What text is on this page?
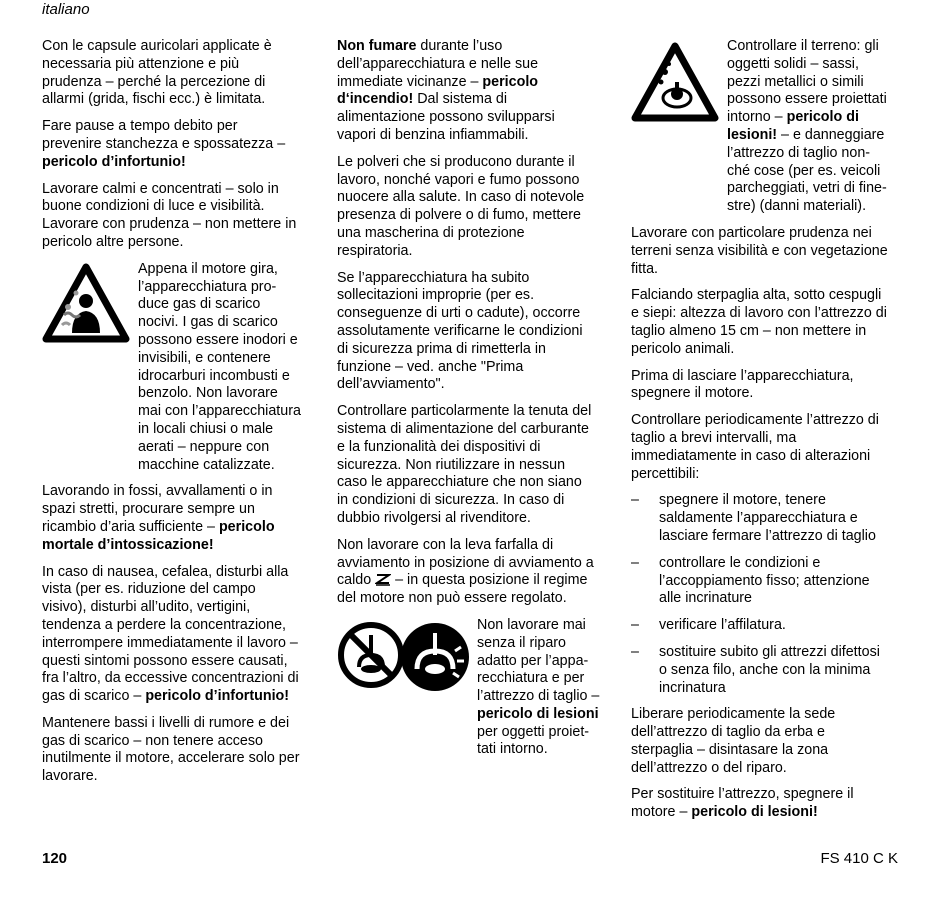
italiano

Con le capsule auricolari applicate è
necessaria più attenzione e più
prudenza – perché la percezione di
allarmi (grida, fischi ecc.) è limitata.

Fare pause a tempo debito per
prevenire stanchezza e spossatezza –
pericolo d’infortunio!

Lavorare calmi e concentrati – solo in
buone condizioni di luce e visibilità.
Lavorare con prudenza – non mettere in
pericolo altre persone.

Appena il motore gira,
l’apparecchiatura pro-
duce gas di scarico
nocivi. I gas di scarico
possono essere inodori e
invisibili, e contenere
idrocarburi incombusti e
benzolo. Non lavorare
mai con l’apparecchiatura
in locali chiusi o male
aerati – neppure con
macchine catalizzate.

Lavorando in fossi, avvallamenti o in
spazi stretti, procurare sempre un
ricambio d’aria sufficiente – pericolo
mortale d’intossicazione!

In caso di nausea, cefalea, disturbi alla
vista (per es. riduzione del campo
visivo), disturbi all’udito, vertigini,
tendenza a perdere la concentrazione,
interrompere immediatamente il lavoro –
questi sintomi possono essere causati,
fra l’altro, da eccessive concentrazioni di
gas di scarico – pericolo d’infortunio!

Mantenere bassi i livelli di rumore e dei
gas di scarico – non tenere acceso
inutilmente il motore, accelerare solo per
lavorare.

Non fumare durante l’uso
dell’apparecchiatura e nelle sue
immediate vicinanze – pericolo
d‘incendio! Dal sistema di
alimentazione possono svilupparsi
vapori di benzina infiammabili.

Le polveri che si producono durante il
lavoro, nonché vapori e fumo possono
nuocere alla salute. In caso di notevole
presenza di polvere o di fumo, mettere
una mascherina di protezione
respiratoria.

Se l’apparecchiatura ha subito
sollecitazioni improprie (per es.
conseguenze di urti o cadute), occorre
assolutamente verificarne le condizioni
di sicurezza prima di rimetterla in
funzione – ved. anche "Prima
dell’avviamento".

Controllare particolarmente la tenuta del
sistema di alimentazione del carburante
e la funzionalità dei dispositivi di
sicurezza. Non riutilizzare in nessun
caso le apparecchiature che non siano
in condizioni di sicurezza. In caso di
dubbio rivolgersi al rivenditore.

Non lavorare con la leva farfalla di
avviamento in posizione di avviamento a
caldo  – in questa posizione il regime
del motore non può essere regolato.

Non lavorare mai
senza il riparo
adatto per l’appa-
recchiatura e per
l’attrezzo di taglio –
pericolo di lesioni
per oggetti proiet-
tati intorno.

Controllare il terreno: gli
oggetti solidi – sassi,
pezzi metallici o simili
possono essere proiettati
intorno – pericolo di
lesioni! – e danneggiare
l’attrezzo di taglio non-
ché cose (per es. veicoli
parcheggiati, vetri di fine-
stre) (danni materiali).

Lavorare con particolare prudenza nei
terreni senza visibilità e con vegetazione
fitta.

Falciando sterpaglia alta, sotto cespugli
e siepi: altezza di lavoro con l’attrezzo di
taglio almeno 15 cm – non mettere in
pericolo animali.

Prima di lasciare l’apparecchiatura,
spegnere il motore.

Controllare periodicamente l’attrezzo di
taglio a brevi intervalli, ma
immediatamente in caso di alterazioni
percettibili:

–	spegnere il motore, tenere
saldamente l’apparecchiatura e
lasciare fermare l’attrezzo di taglio
–	controllare le condizioni e
l’accoppiamento fisso; attenzione
alle incrinature
–	verificare l’affilatura.
–	sostituire subito gli attrezzi difettosi
o senza filo, anche con la minima
incrinatura

Liberare periodicamente la sede
dell’attrezzo di taglio da erba e
sterpaglia – disintasare la zona
dell’attrezzo o del riparo.

Per sostituire l’attrezzo, spegnere il
motore – pericolo di lesioni!

120	FS 410 C K
